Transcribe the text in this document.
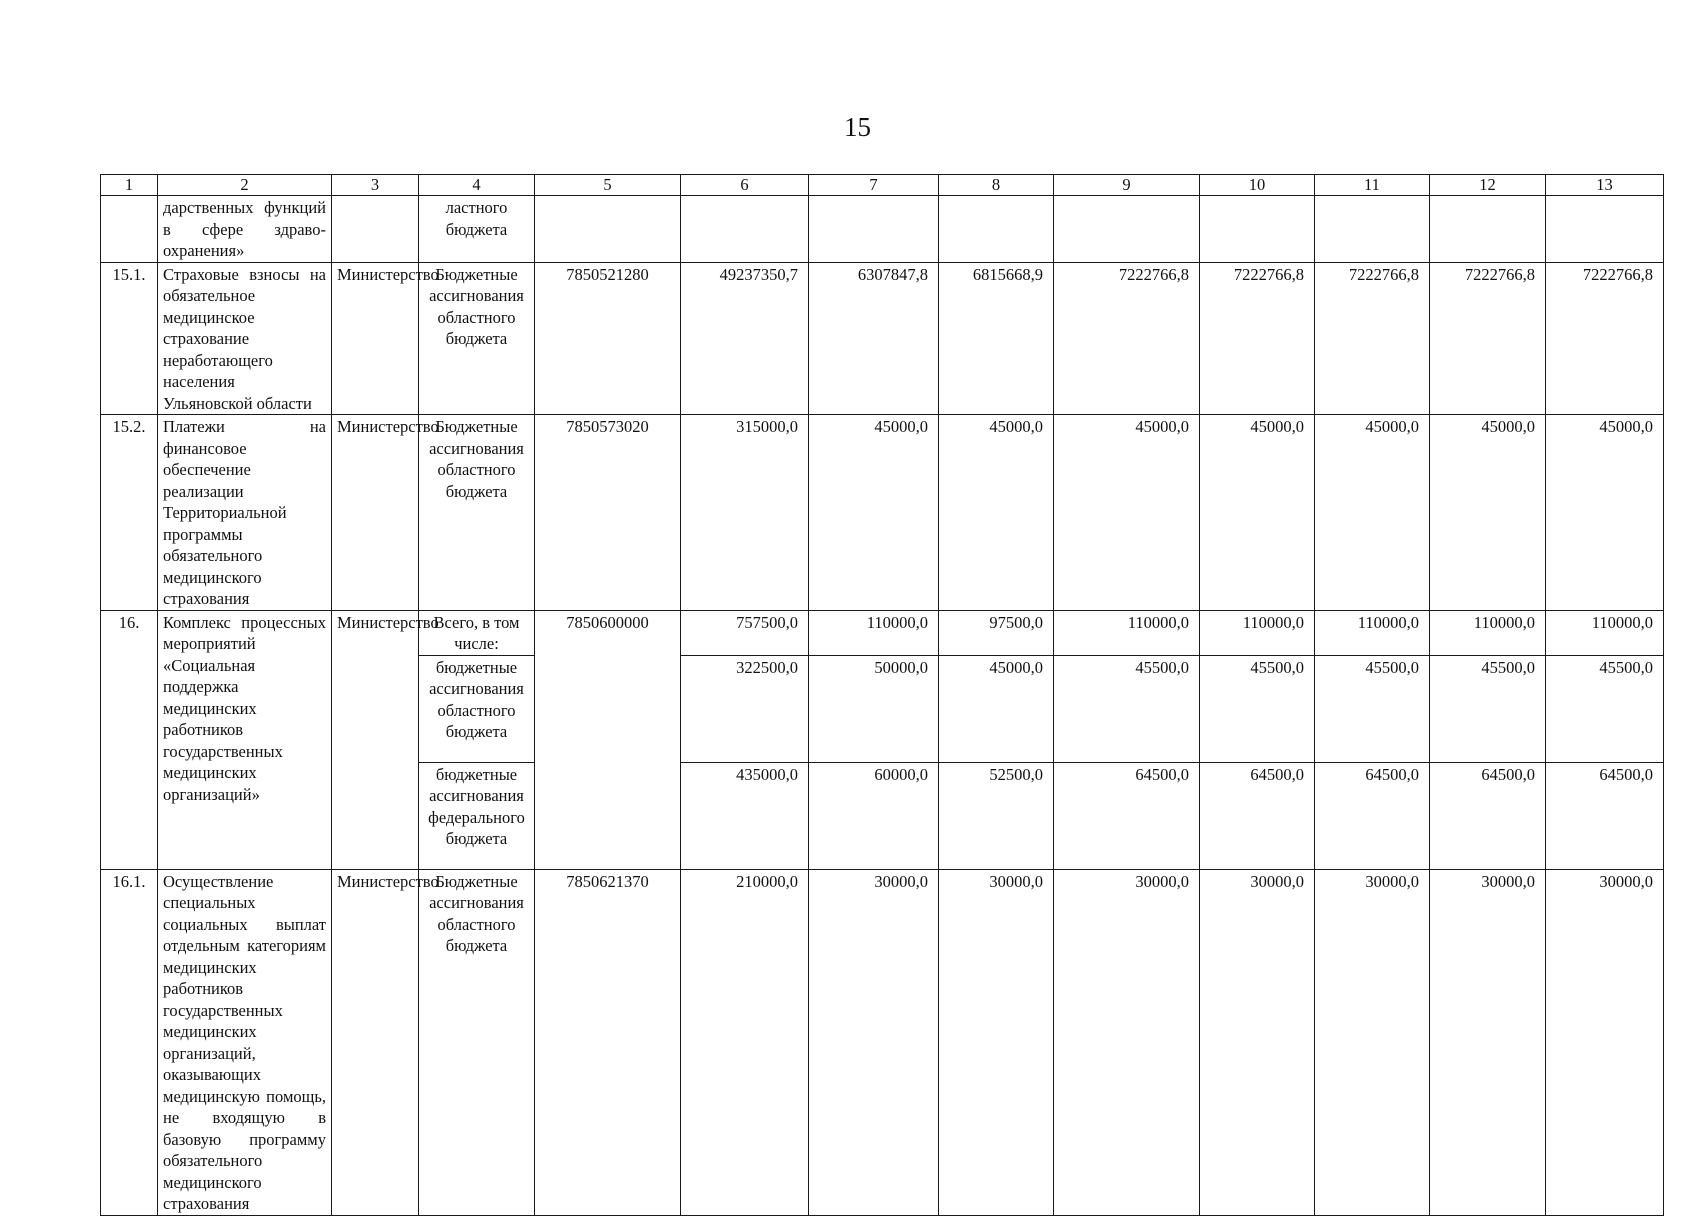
15
1	2	3	4	5	6	7	8	9	10	11	12	13
	дарственных функций в сфере здравоохранения»		ластного бюджета									
15.1.	Страховые взносы на обязательное медицинское страхование неработающего населения Ульяновской области	Министерство	Бюджетные ассигнования областного бюджета	7850521280	49237350,7	6307847,8	6815668,9	7222766,8	7222766,8	7222766,8	7222766,8	7222766,8
15.2.	Платежи на финансовое обеспечение реализации Территориальной программы обязательного медицинского страхования	Министерство	Бюджетные ассигнования областного бюджета	7850573020	315000,0	45000,0	45000,0	45000,0	45000,0	45000,0	45000,0	45000,0
16.	Комплекс процессных мероприятий «Социальная поддержка медицинских работников государственных медицинских организаций»	Министерство	Всего, в том числе:	7850600000	757500,0	110000,0	97500,0	110000,0	110000,0	110000,0	110000,0	110000,0
			бюджетные ассигнования областного бюджета		322500,0	50000,0	45000,0	45500,0	45500,0	45500,0	45500,0	45500,0
			бюджетные ассигнования федерального бюджета		435000,0	60000,0	52500,0	64500,0	64500,0	64500,0	64500,0	64500,0
16.1.	Осуществление специальных социальных выплат отдельным категориям медицинских работников государственных медицинских организаций, оказывающих медицинскую помощь, не входящую в базовую программу обязательного медицинского страхования	Министерство	Бюджетные ассигнования областного бюджета	7850621370	210000,0	30000,0	30000,0	30000,0	30000,0	30000,0	30000,0	30000,0
